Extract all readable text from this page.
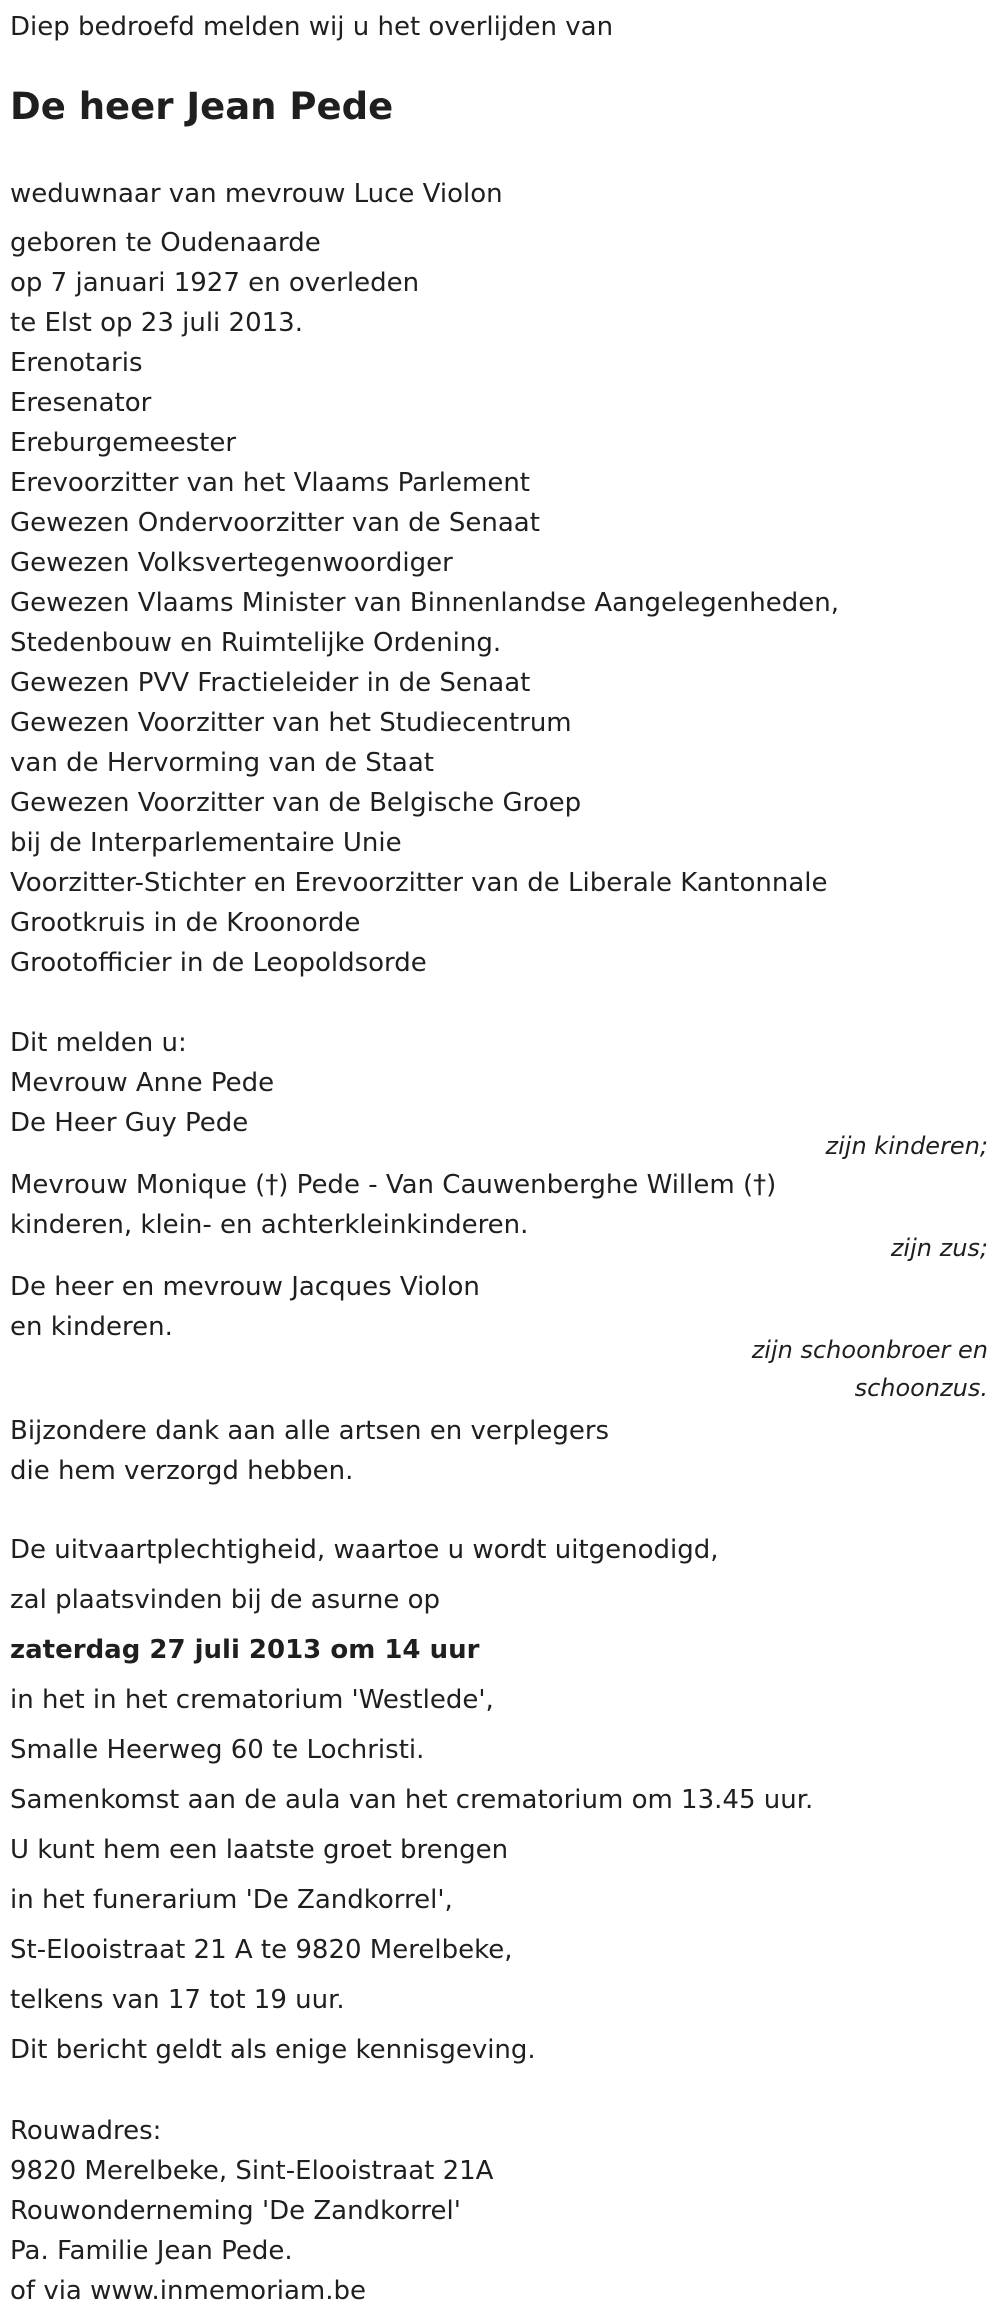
Diep bedroefd melden wij u het overlijden van
De heer Jean Pede
weduwnaar van mevrouw Luce Violon
geboren te Oudenaarde
op 7 januari 1927 en overleden
te Elst op 23 juli 2013.
Erenotaris
Eresenator
Ereburgemeester
Erevoorzitter van het Vlaams Parlement
Gewezen Ondervoorzitter van de Senaat
Gewezen Volksvertegenwoordiger
Gewezen Vlaams Minister van Binnenlandse Aangelegenheden,
Stedenbouw en Ruimtelijke Ordening.
Gewezen PVV Fractieleider in de Senaat
Gewezen Voorzitter van het Studiecentrum
van de Hervorming van de Staat
Gewezen Voorzitter van de Belgische Groep
bij de Interparlementaire Unie
Voorzitter-Stichter en Erevoorzitter van de Liberale Kantonnale
Grootkruis in de Kroonorde
Grootofficier in de Leopoldsorde
Dit melden u:
Mevrouw Anne Pede
De Heer Guy Pede
zijn kinderen;
Mevrouw Monique (†) Pede - Van Cauwenberghe Willem (†)
kinderen, klein- en achterkleinkinderen.
zijn zus;
De heer en mevrouw Jacques Violon
en kinderen.
zijn schoonbroer en
schoonzus.
Bijzondere dank aan alle artsen en verplegers
die hem verzorgd hebben.
De uitvaartplechtigheid, waartoe u wordt uitgenodigd,
zal plaatsvinden bij de asurne op
zaterdag 27 juli 2013 om 14 uur
in het in het crematorium 'Westlede',
Smalle Heerweg 60 te Lochristi.
Samenkomst aan de aula van het crematorium om 13.45 uur.
U kunt hem een laatste groet brengen
in het funerarium 'De Zandkorrel',
St-Elooistraat 21 A te 9820 Merelbeke,
telkens van 17 tot 19 uur.
Dit bericht geldt als enige kennisgeving.
Rouwadres:
9820 Merelbeke, Sint-Elooistraat 21A
Rouwonderneming 'De Zandkorrel'
Pa. Familie Jean Pede.
of via www.inmemoriam.be
